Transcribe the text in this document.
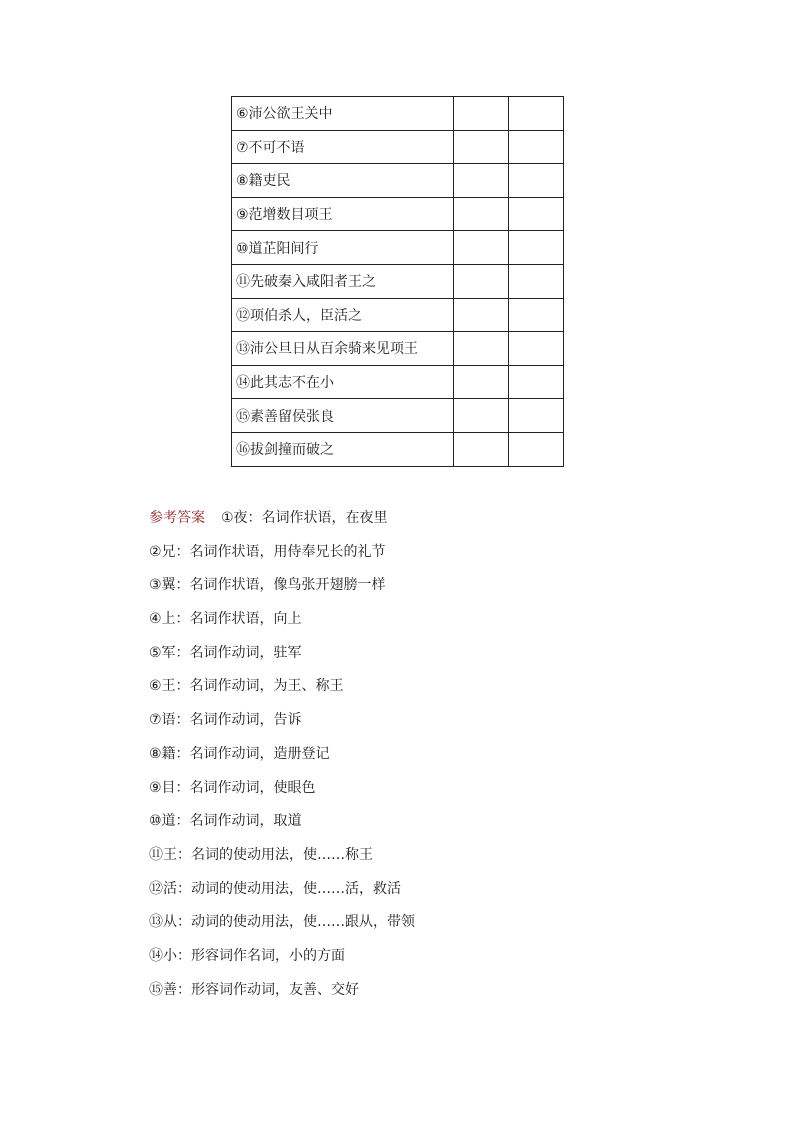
⑥沛公欲王关中		
⑦不可不语		
⑧籍吏民		
⑨范增数目项王		
⑩道芷阳间行		
⑪先破秦入咸阳者王之		
⑫项伯杀人，臣活之		
⑬沛公旦日从百余骑来见项王		
⑭此其志不在小		
⑮素善留侯张良		
⑯拔剑撞而破之		
参考答案 ①夜：名词作状语，在夜里
②兄：名词作状语，用侍奉兄长的礼节
③翼：名词作状语，像鸟张开翅膀一样
④上：名词作状语，向上
⑤军：名词作动词，驻军
⑥王：名词作动词，为王、称王
⑦语：名词作动词，告诉
⑧籍：名词作动词，造册登记
⑨目：名词作动词，使眼色
⑩道：名词作动词，取道
⑪王：名词的使动用法，使……称王
⑫活：动词的使动用法，使……活，救活
⑬从：动词的使动用法，使……跟从，带领
⑭小：形容词作名词，小的方面
⑮善：形容词作动词，友善、交好
